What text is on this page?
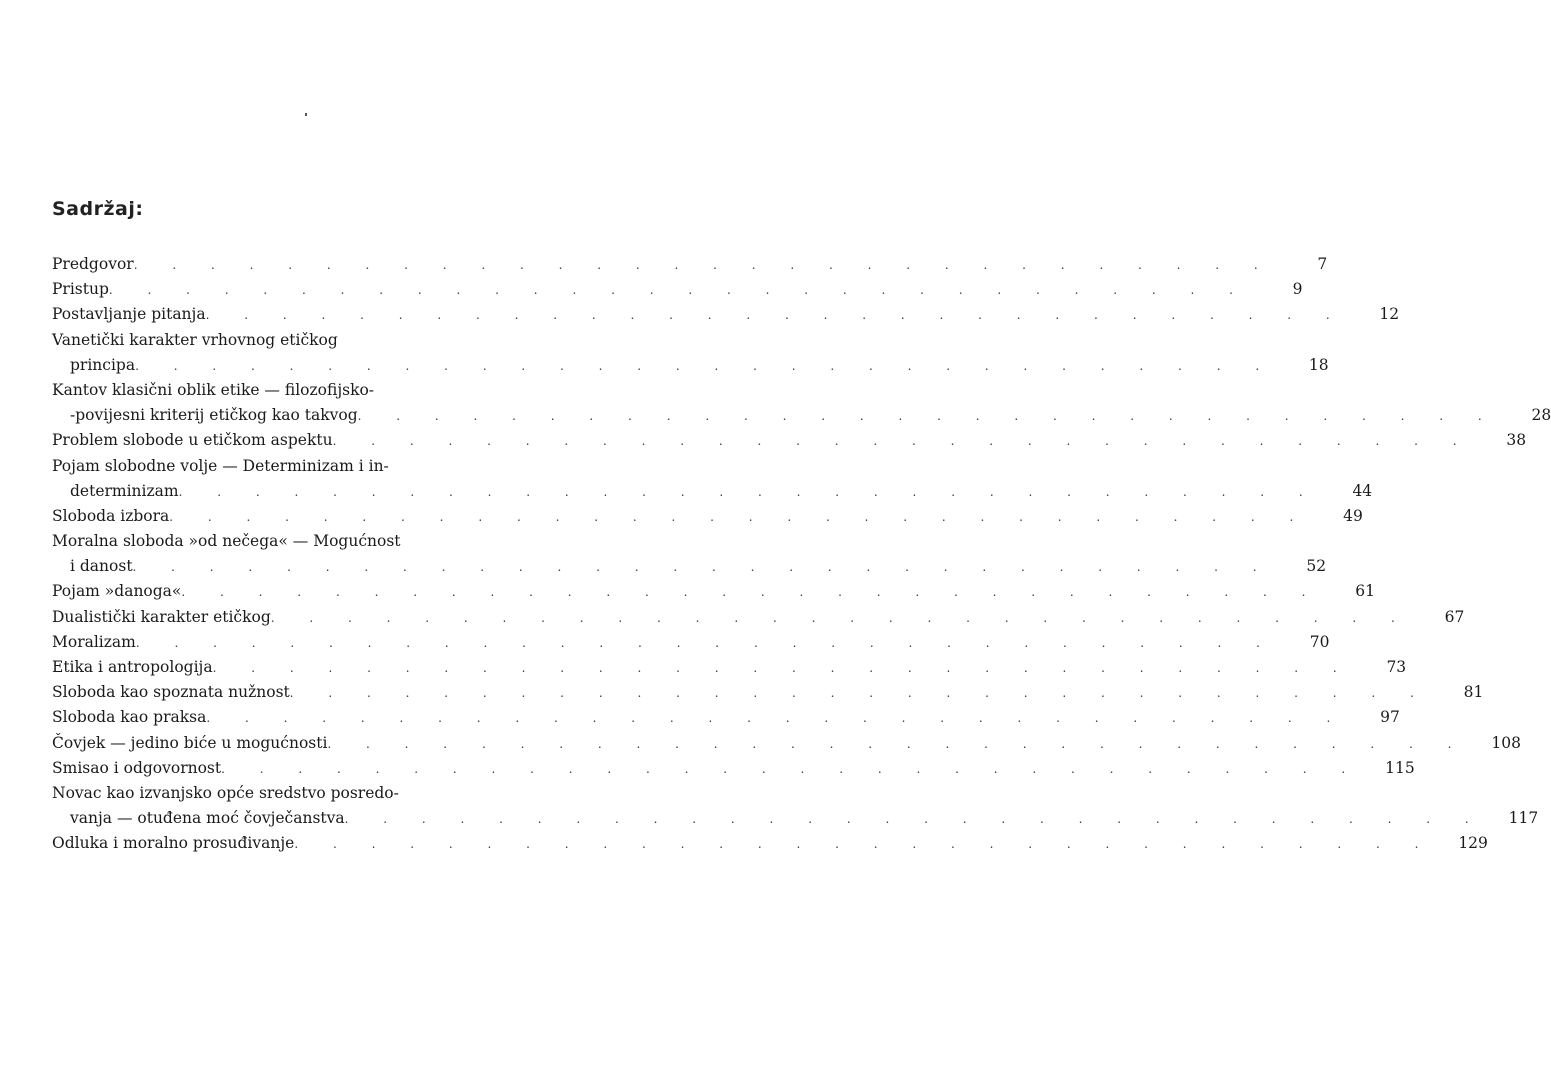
Sadržaj:
Predgovor . . . . . . . . . . . . . . . . . . . . . . . . . . . . . .	7
Pristup . . . . . . . . . . . . . . . . . . . . . . . . . . . . . .	9
Postavljanje pitanja . . . . . . . . . . . . . . . . . . . . . . . . . . . . . .	12
Vanetički karakter vrhovnog etičkog
principa . . . . . . . . . . . . . . . . . . . . . . . . . . . . . .	18
Kantov klasični oblik etike — filozofijsko-
-povijesni kriterij etičkog kao takvog . . . . . . . . . . . . . . . . . . . . . . . . . . . . . .	28
Problem slobode u etičkom aspektu . . . . . . . . . . . . . . . . . . . . . . . . . . . . . .	38
Pojam slobodne volje — Determinizam i in-
determinizam . . . . . . . . . . . . . . . . . . . . . . . . . . . . . .	44
Sloboda izbora . . . . . . . . . . . . . . . . . . . . . . . . . . . . . .	49
Moralna sloboda »od nečega« — Mogućnost
i danost . . . . . . . . . . . . . . . . . . . . . . . . . . . . . .	52
Pojam »danoga« . . . . . . . . . . . . . . . . . . . . . . . . . . . . . .	61
Dualistički karakter etičkog . . . . . . . . . . . . . . . . . . . . . . . . . . . . . .	67
Moralizam . . . . . . . . . . . . . . . . . . . . . . . . . . . . . .	70
Etika i antropologija . . . . . . . . . . . . . . . . . . . . . . . . . . . . . .	73
Sloboda kao spoznata nužnost . . . . . . . . . . . . . . . . . . . . . . . . . . . . . .	81
Sloboda kao praksa . . . . . . . . . . . . . . . . . . . . . . . . . . . . . .	97
Čovjek — jedino biće u mogućnosti . . . . . . . . . . . . . . . . . . . . . . . . . . . . . .	108
Smisao i odgovornost . . . . . . . . . . . . . . . . . . . . . . . . . . . . . .	115
Novac kao izvanjsko opće sredstvo posredo-
vanja — otuđena moć čovječanstva . . . . . . . . . . . . . . . . . . . . . . . . . . . . . .	117
Odluka i moralno prosuđivanje . . . . . . . . . . . . . . . . . . . . . . . . . . . . . .	129
